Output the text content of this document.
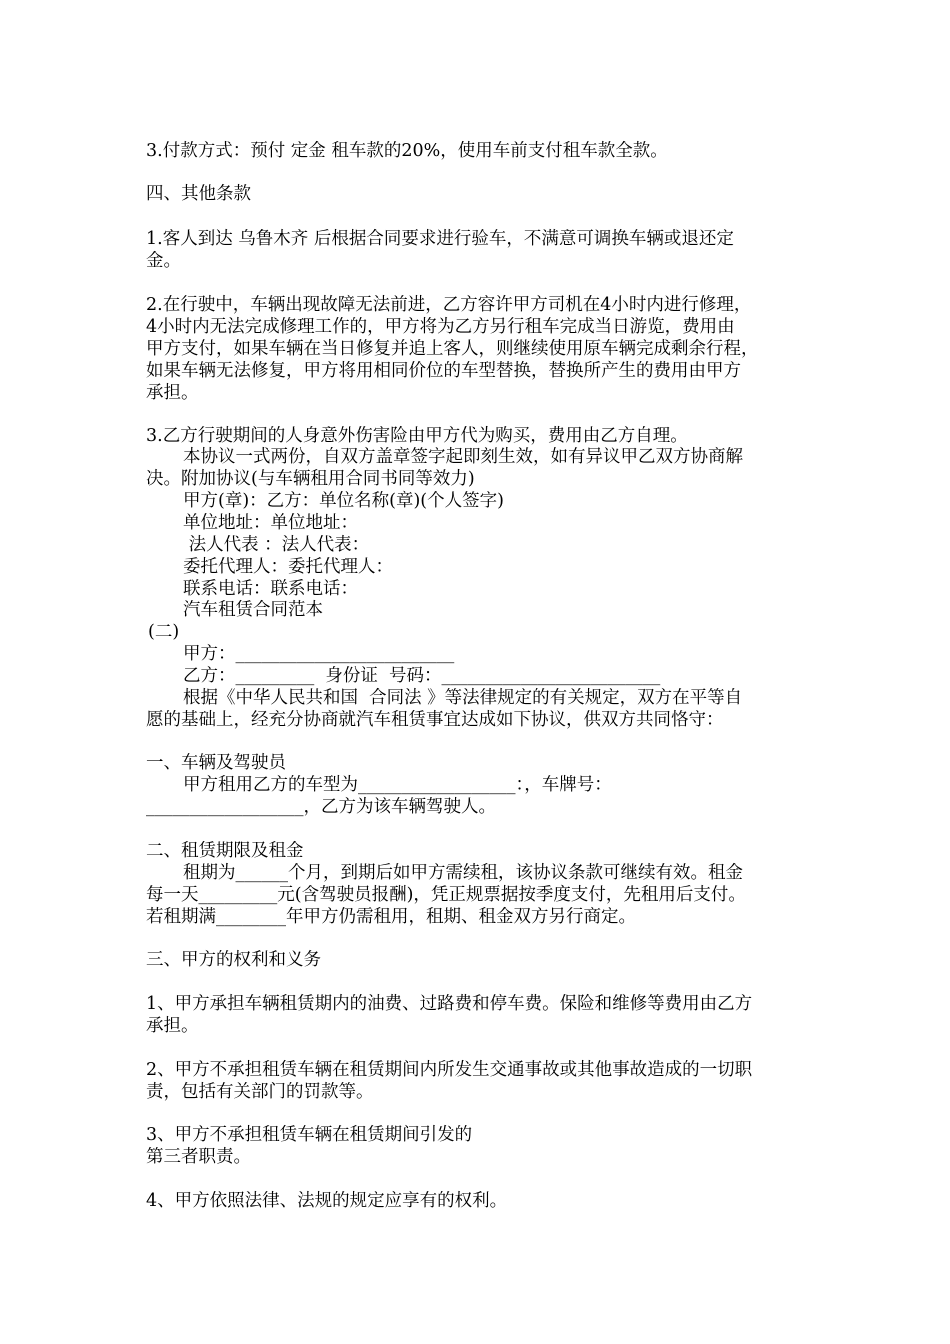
3.付款方式：预付 定金 租车款的20%，使用车前支付租车款全款。

四、其他条款

1.客人到达 乌鲁木齐 后根据合同要求进行验车，不满意可调换车辆或退还定

金。

2.在行驶中，车辆出现故障无法前进，乙方容许甲方司机在4小时内进行修理，

4小时内无法完成修理工作的，甲方将为乙方另行租车完成当日游览，费用由

甲方支付，如果车辆在当日修复并追上客人，则继续使用原车辆完成剩余行程，

如果车辆无法修复，甲方将用相同价位的车型替换，替换所产生的费用由甲方

承担。

3.乙方行驶期间的人身意外伤害险由甲方代为购买，费用由乙方自理。

本协议一式两份，自双方盖章签字起即刻生效，如有异议甲乙双方协商解

决。附加协议(与车辆租用合同书同等效力)

甲方(章)：乙方：单位名称(章)(个人签字)

单位地址：单位地址：

法人代表 ：法人代表：

委托代理人：委托代理人：

联系电话：联系电话：

汽车租赁合同范本

(二)

甲方：_________________________

乙方：_________  身份证  号码：_________________________

根据《中华人民共和国  合同法 》等法律规定的有关规定，双方在平等自

愿的基础上，经充分协商就汽车租赁事宜达成如下协议，供双方共同恪守：

一、车辆及驾驶员

甲方租用乙方的车型为__________________：，车牌号：

__________________，乙方为该车辆驾驶人。

二、租赁期限及租金

租期为______个月，到期后如甲方需续租，该协议条款可继续有效。租金

每一天_________元(含驾驶员报酬)，凭正规票据按季度支付，先租用后支付。

若租期满________年甲方仍需租用，租期、租金双方另行商定。

三、甲方的权利和义务

1、甲方承担车辆租赁期内的油费、过路费和停车费。保险和维修等费用由乙方

承担。

2、甲方不承担租赁车辆在租赁期间内所发生交通事故或其他事故造成的一切职

责，包括有关部门的罚款等。

3、甲方不承担租赁车辆在租赁期间引发的

第三者职责。

4、甲方依照法律、法规的规定应享有的权利。
